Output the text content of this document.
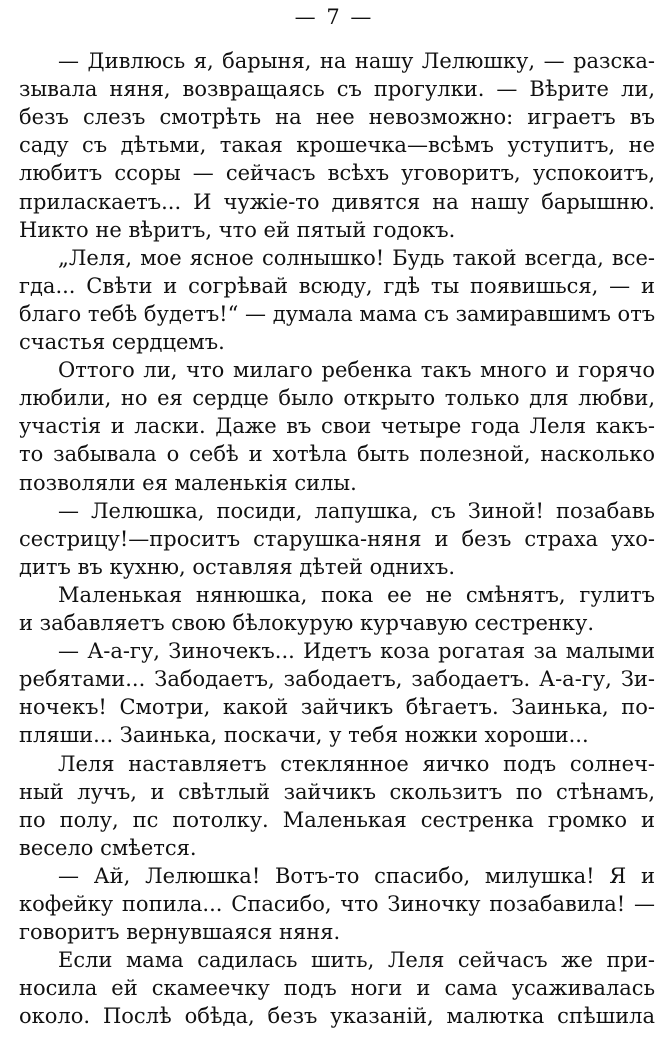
— 7 —
— Дивлюсь я, барыня, на нашу Лелюшку, — разска-
зывала няня, возвращаясь съ прогулки. — Вѣрите ли,
безъ слезъ смотрѣть на нее невозможно: играетъ въ
саду съ дѣтьми, такая крошечка—всѣмъ уступитъ, не
любитъ ссоры — сейчасъ всѣхъ уговоритъ, успокоитъ,
приласкаетъ... И чужіе-то дивятся на нашу барышню.
Никто не вѣритъ, что ей пятый годокъ.
„Леля, мое ясное солнышко! Будь такой всегда, все-
гда... Свѣти и согрѣвай всюду, гдѣ ты появишься, — и
благо тебѣ будетъ!“ — думала мама съ замиравшимъ отъ
счастья сердцемъ.
Оттого ли, что милаго ребенка такъ много и горячо
любили, но ея сердце было открыто только для любви,
участія и ласки. Даже въ свои четыре года Леля какъ-
то забывала о себѣ и хотѣла быть полезной, насколько
позволяли ея маленькія силы.
— Лелюшка, посиди, лапушка, съ Зиной! позабавь
сестрицу!—проситъ старушка-няня и безъ страха ухо-
дитъ въ кухню, оставляя дѣтей однихъ.
Маленькая нянюшка, пока ее не смѣнятъ, гулитъ
и забавляетъ свою бѣлокурую курчавую сестренку.
— А-а-гу, Зиночекъ... Идетъ коза рогатая за малыми
ребятами... Забодаетъ, забодаетъ, забодаетъ. А-а-гу, Зи-
ночекъ! Смотри, какой зайчикъ бѣгаетъ. Заинька, по-
пляши... Заинька, поскачи, у тебя ножки хороши...
Леля наставляетъ стеклянное яичко подъ солнеч-
ный лучъ, и свѣтлый зайчикъ скользитъ по стѣнамъ,
по полу, пс потолку. Маленькая сестренка громко и
весело смѣется.
— Ай, Лелюшка! Вотъ-то спасибо, милушка! Я и
кофейку попила... Спасибо, что Зиночку позабавила! —
говоритъ вернувшаяся няня.
Если мама садилась шить, Леля сейчасъ же при-
носила ей скамеечку подъ ноги и сама усаживалась
около. Послѣ обѣда, безъ указаній, малютка спѣшила
